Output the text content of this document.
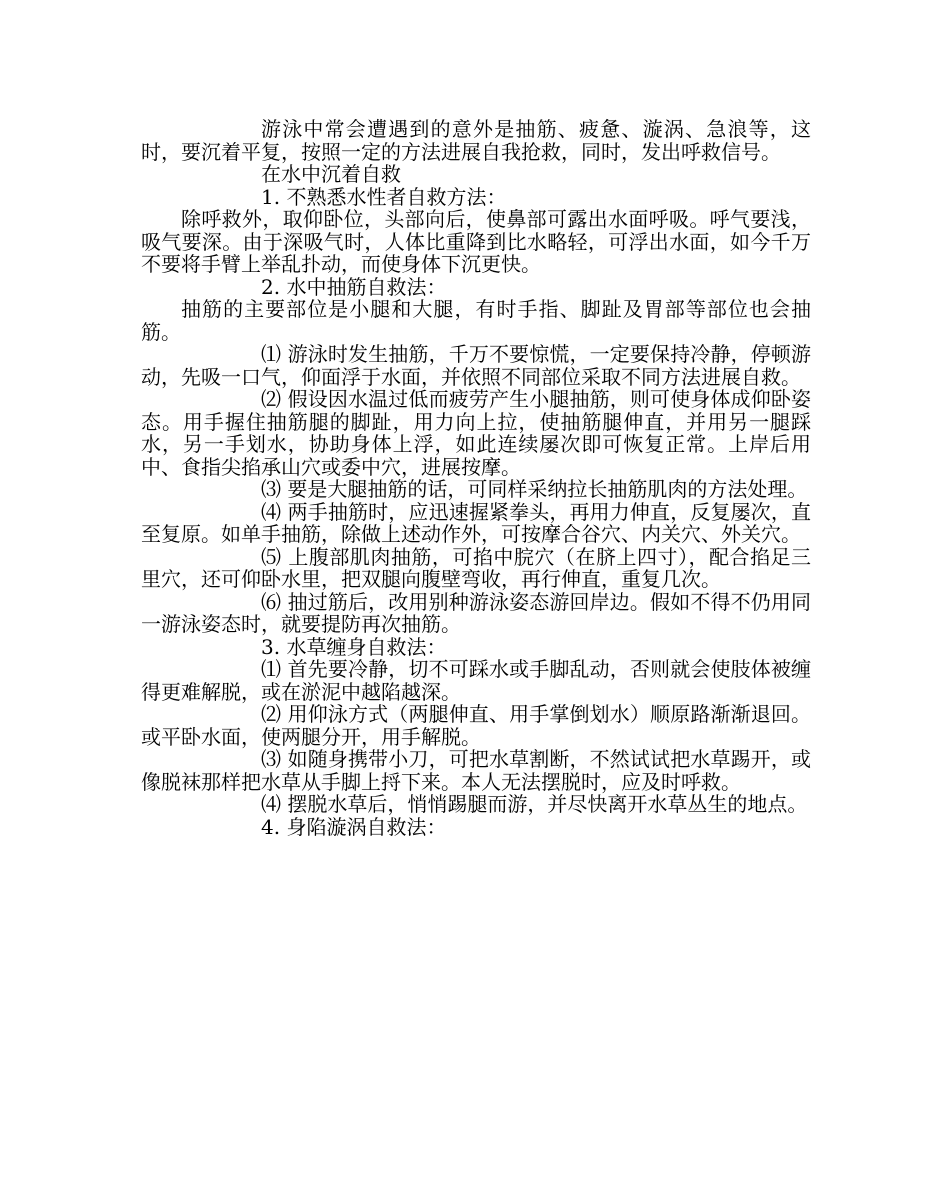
游泳中常会遭遇到的意外是抽筋、疲惫、漩涡、急浪等，这时，要沉着平复，按照一定的方法进展自我抢救，同时，发出呼救信号。

在水中沉着自救

1. 不熟悉水性者自救方法：

除呼救外，取仰卧位，头部向后，使鼻部可露出水面呼吸。呼气要浅，吸气要深。由于深吸气时，人体比重降到比水略轻，可浮出水面，如今千万不要将手臂上举乱扑动，而使身体下沉更快。

2. 水中抽筋自救法：

抽筋的主要部位是小腿和大腿，有时手指、脚趾及胃部等部位也会抽筋。

⑴ 游泳时发生抽筋，千万不要惊慌，一定要保持冷静，停顿游动，先吸一口气，仰面浮于水面，并依照不同部位采取不同方法进展自救。

⑵ 假设因水温过低而疲劳产生小腿抽筋，则可使身体成仰卧姿态。用手握住抽筋腿的脚趾，用力向上拉，使抽筋腿伸直，并用另一腿踩水，另一手划水，协助身体上浮，如此连续屡次即可恢复正常。上岸后用中、食指尖掐承山穴或委中穴，进展按摩。

⑶ 要是大腿抽筋的话，可同样采纳拉长抽筋肌肉的方法处理。

⑷ 两手抽筋时，应迅速握紧拳头，再用力伸直，反复屡次，直至复原。如单手抽筋，除做上述动作外，可按摩合谷穴、内关穴、外关穴。

⑸ 上腹部肌肉抽筋，可掐中脘穴（在脐上四寸），配合掐足三里穴，还可仰卧水里，把双腿向腹壁弯收，再行伸直，重复几次。

⑹ 抽过筋后，改用别种游泳姿态游回岸边。假如不得不仍用同一游泳姿态时，就要提防再次抽筋。

3. 水草缠身自救法：

⑴ 首先要冷静，切不可踩水或手脚乱动，否则就会使肢体被缠得更难解脱，或在淤泥中越陷越深。

⑵ 用仰泳方式（两腿伸直、用手掌倒划水）顺原路渐渐退回。或平卧水面，使两腿分开，用手解脱。

⑶ 如随身携带小刀，可把水草割断，不然试试把水草踢开，或像脱袜那样把水草从手脚上捋下来。本人无法摆脱时，应及时呼救。

⑷ 摆脱水草后，悄悄踢腿而游，并尽快离开水草丛生的地点。

4. 身陷漩涡自救法：
